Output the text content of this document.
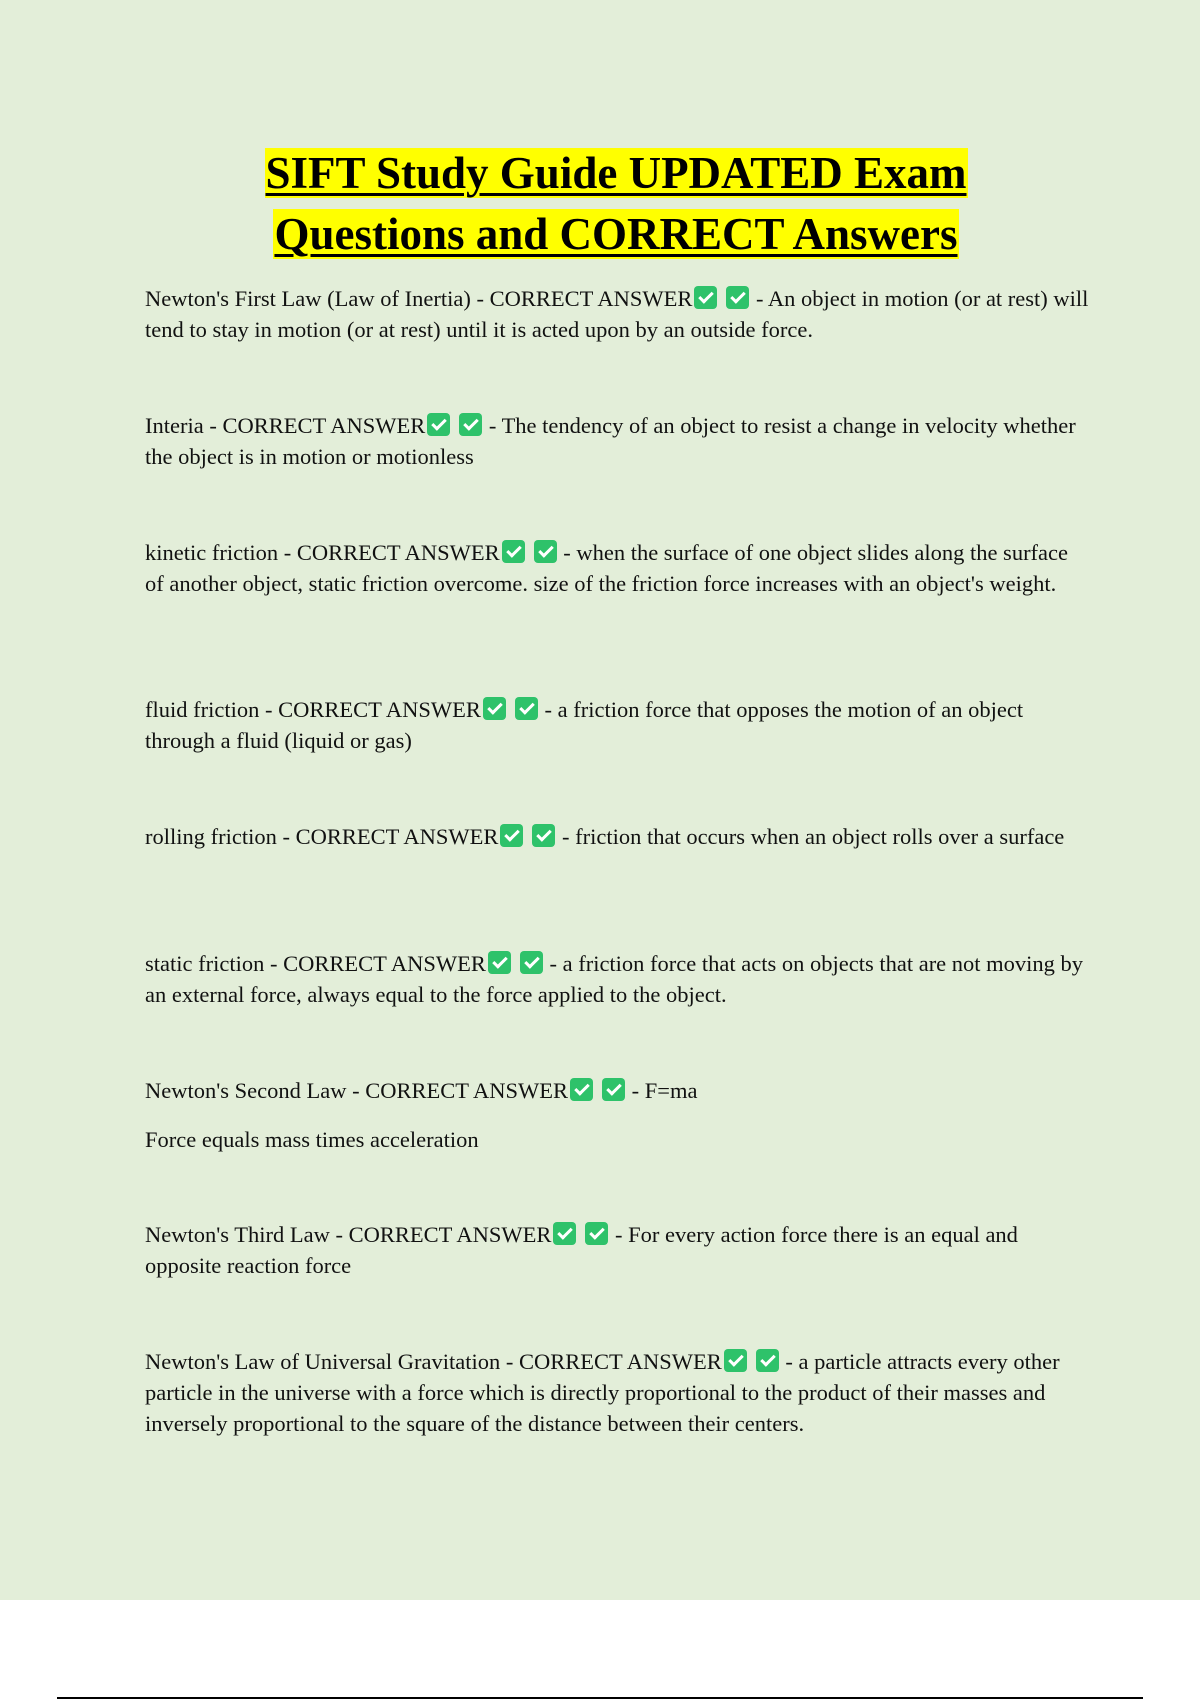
SIFT Study Guide UPDATED Exam
Questions and CORRECT Answers
Newton's First Law (Law of Inertia) - CORRECT ANSWER	- An object in motion (or at rest) will tend to stay in motion (or at rest) until it is acted upon by an outside force.
Interia - CORRECT ANSWER	- The tendency of an object to resist a change in velocity whether the object is in motion or motionless
kinetic friction - CORRECT ANSWER	- when the surface of one object slides along the surface of another object, static friction overcome. size of the friction force increases with an object's weight.
fluid friction - CORRECT ANSWER	- a friction force that opposes the motion of an object through a fluid (liquid or gas)
rolling friction - CORRECT ANSWER	- friction that occurs when an object rolls over a surface
static friction - CORRECT ANSWER	- a friction force that acts on objects that are not moving by an external force, always equal to the force applied to the object.
Newton's Second Law - CORRECT ANSWER	- F=ma
Force equals mass times acceleration
Newton's Third Law - CORRECT ANSWER	- For every action force there is an equal and opposite reaction force
Newton's Law of Universal Gravitation - CORRECT ANSWER	- a particle attracts every other particle in the universe with a force which is directly proportional to the product of their masses and inversely proportional to the square of the distance between their centers.
